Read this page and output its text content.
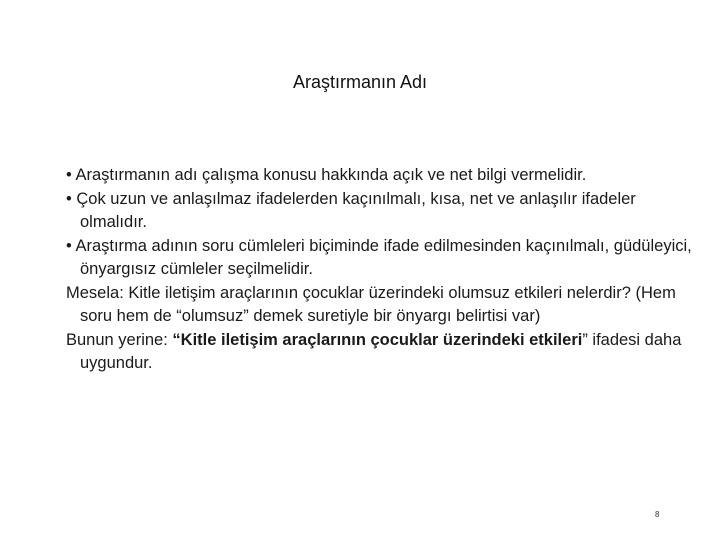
Araştırmanın Adı
• Araştırmanın adı çalışma konusu hakkında açık ve net bilgi vermelidir.
• Çok uzun ve anlaşılmaz ifadelerden kaçınılmalı, kısa, net ve anlaşılır ifadeler olmalıdır.
• Araştırma adının soru cümleleri biçiminde ifade edilmesinden kaçınılmalı, güdüleyici, önyargısız cümleler seçilmelidir.
Mesela: Kitle iletişim araçlarının çocuklar üzerindeki olumsuz etkileri nelerdir? (Hem soru hem de “olumsuz” demek suretiyle bir önyargı belirtisi var)
Bunun yerine: “Kitle iletişim araçlarının çocuklar üzerindeki etkileri” ifadesi daha uygundur.
8
